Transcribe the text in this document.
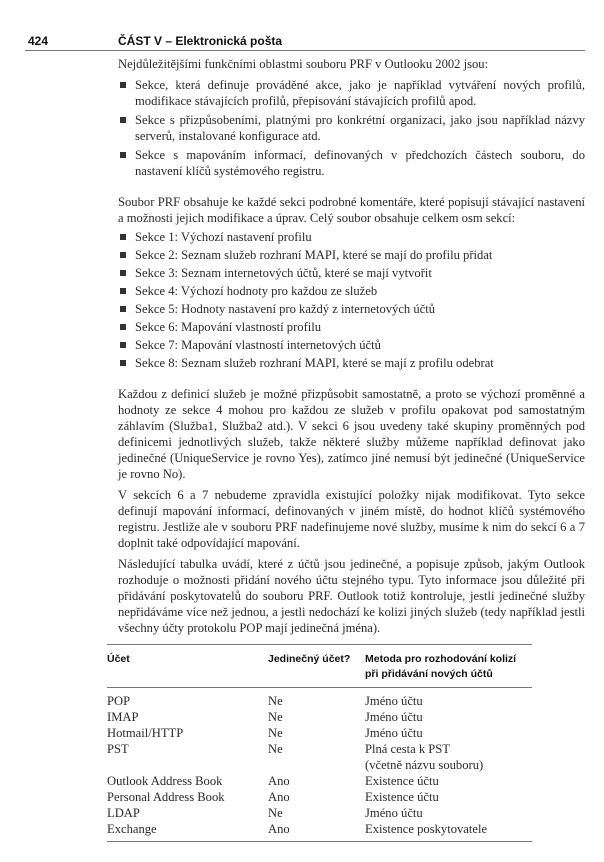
424	ČÁST V – Elektronická pošta

Nejdůležitějšími funkčními oblastmi souboru PRF v Outlooku 2002 jsou:

Sekce, která definuje prováděné akce, jako je například vytváření nových profilů, modifikace stávajících profilů, přepisování stávajících profilů apod.
Sekce s přizpůsobeními, platnými pro konkrétní organizaci, jako jsou například názvy serverů, instalované konfigurace atd.
Sekce s mapováním informací, definovaných v předchozích částech souboru, do nastavení klíčů systémového registru.

Soubor PRF obsahuje ke každé sekci podrobné komentáře, které popisují stávající nastavení a možnosti jejich modifikace a úprav. Celý soubor obsahuje celkem osm sekcí:

Sekce 1: Výchozí nastavení profilu
Sekce 2: Seznam služeb rozhraní MAPI, které se mají do profilu přidat
Sekce 3: Seznam internetových účtů, které se mají vytvořit
Sekce 4: Výchozí hodnoty pro každou ze služeb
Sekce 5: Hodnoty nastavení pro každý z internetových účtů
Sekce 6: Mapování vlastností profilu
Sekce 7: Mapování vlastností internetových účtů
Sekce 8: Seznam služeb rozhraní MAPI, které se mají z profilu odebrat

Každou z definicí služeb je možné přizpůsobit samostatně, a proto se výchozí proměnné a hodnoty ze sekce 4 mohou pro každou ze služeb v profilu opakovat pod samostatným záhlavím (Služba1, Služba2 atd.). V sekci 6 jsou uvedeny také skupiny proměnných pod definicemi jednotlivých služeb, takže některé služby můžeme například definovat jako jedinečné (UniqueService je rovno Yes), zatímco jiné nemusí být jedinečné (UniqueService je rovno No).

V sekcích 6 a 7 nebudeme zpravidla existující položky nijak modifikovat. Tyto sekce definují mapování informací, definovaných v jiném místě, do hodnot klíčů systémového registru. Jestliže ale v souboru PRF nadefinujeme nové služby, musíme k nim do sekcí 6 a 7 doplnit také odpovídající mapování.

Následující tabulka uvádí, které z účtů jsou jedinečné, a popisuje způsob, jakým Outlook rozhoduje o možnosti přidání nového účtu stejného typu. Tyto informace jsou důležité při přidávání poskytovatelů do souboru PRF. Outlook totiž kontroluje, jestli jedinečné služby nepřidáváme více než jednou, a jestli nedochází ke kolizi jiných služeb (tedy například jestli všechny účty protokolu POP mají jedinečná jména).

Účet	Jedinečný účet?	Metoda pro rozhodování kolizí
při přidávání nových účtů
POP	Ne	Jméno účtu
IMAP	Ne	Jméno účtu
Hotmail/HTTP	Ne	Jméno účtu
PST	Ne	Plná cesta k PST
(včetně názvu souboru)
Outlook Address Book	Ano	Existence účtu
Personal Address Book	Ano	Existence účtu
LDAP	Ne	Jméno účtu
Exchange	Ano	Existence poskytovatele
